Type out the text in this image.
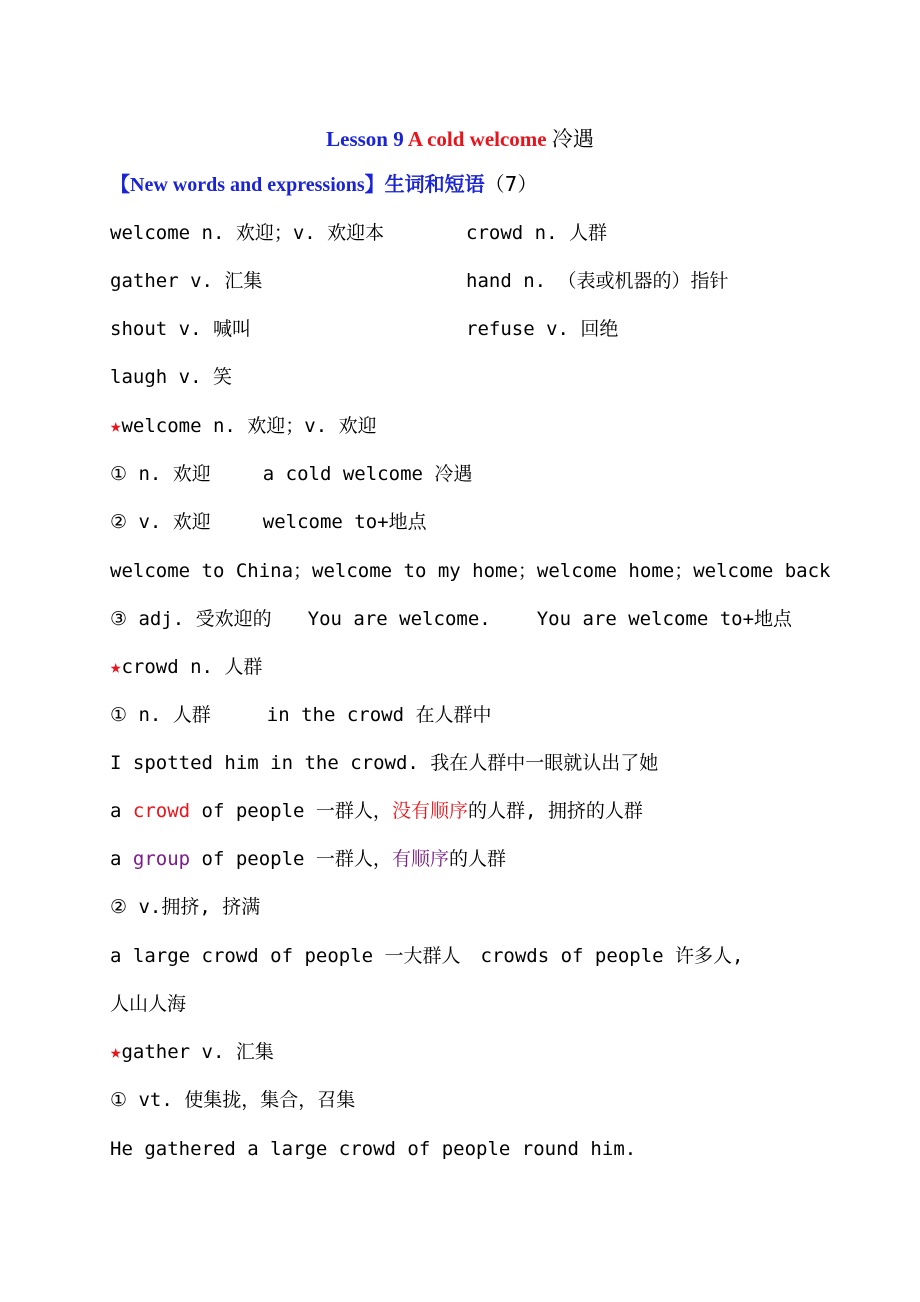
Lesson 9 A cold welcome 冷遇
【New words and expressions】生词和短语（7）
welcome n. 欢迎；v. 欢迎本	crowd n. 人群
gather v. 汇集	hand n. （表或机器的）指针
shout v. 喊叫	refuse v. 回绝
laugh v. 笑
★welcome n. 欢迎；v. 欢迎
① n. 欢迎	a cold welcome 冷遇
② v. 欢迎	welcome to+地点
welcome to China；welcome to my home；welcome home；welcome back
③ adj. 受欢迎的 You are welcome. You are welcome to+地点
★crowd n. 人群
① n. 人群	in the crowd 在人群中
I spotted him in the crowd. 我在人群中一眼就认出了她
a crowd of people 一群人，没有顺序的人群, 拥挤的人群
a group of people 一群人，有顺序的人群
② v.拥挤, 挤满
a large crowd of people 一大群人 crowds of people 许多人,
人山人海
★gather v. 汇集
① vt. 使集拢，集合，召集
He gathered a large crowd of people round him.
